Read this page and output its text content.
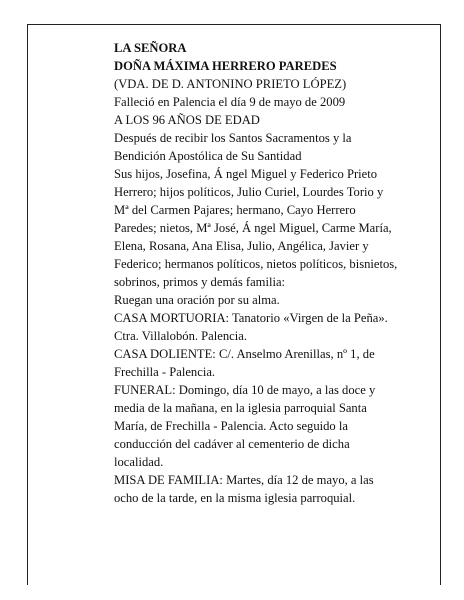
LA SEÑORA
DOÑA MÁXIMA HERRERO PAREDES
(VDA. DE D. ANTONINO PRIETO LÓPEZ)
Falleció en Palencia el día 9 de mayo de 2009
A LOS 96 AÑOS DE EDAD
Después de recibir los Santos Sacramentos y la
Bendición Apostólica de Su Santidad
Sus hijos, Josefina, Á ngel Miguel y Federico Prieto
Herrero; hijos políticos, Julio Curiel, Lourdes Torio y
Mª del Carmen Pajares; hermano, Cayo Herrero
Paredes; nietos, Mª José, Á ngel Miguel, Carme María,
Elena, Rosana, Ana Elisa, Julio, Angélica, Javier y
Federico; hermanos políticos, nietos políticos, bisnietos,
sobrinos, primos y demás familia:
Ruegan una oración por su alma.
CASA MORTUORIA: Tanatorio «Virgen de la Peña».
Ctra. Villalobón. Palencia.
CASA DOLIENTE: C/. Anselmo Arenillas, nº 1, de
Frechilla - Palencia.
FUNERAL: Domingo, día 10 de mayo, a las doce y
media de la mañana, en la iglesia parroquial Santa
María, de Frechilla - Palencia. Acto seguido la
conducción del cadáver al cementerio de dicha
localidad.
MISA DE FAMILIA: Martes, día 12 de mayo, a las
ocho de la tarde, en la misma iglesia parroquial.
